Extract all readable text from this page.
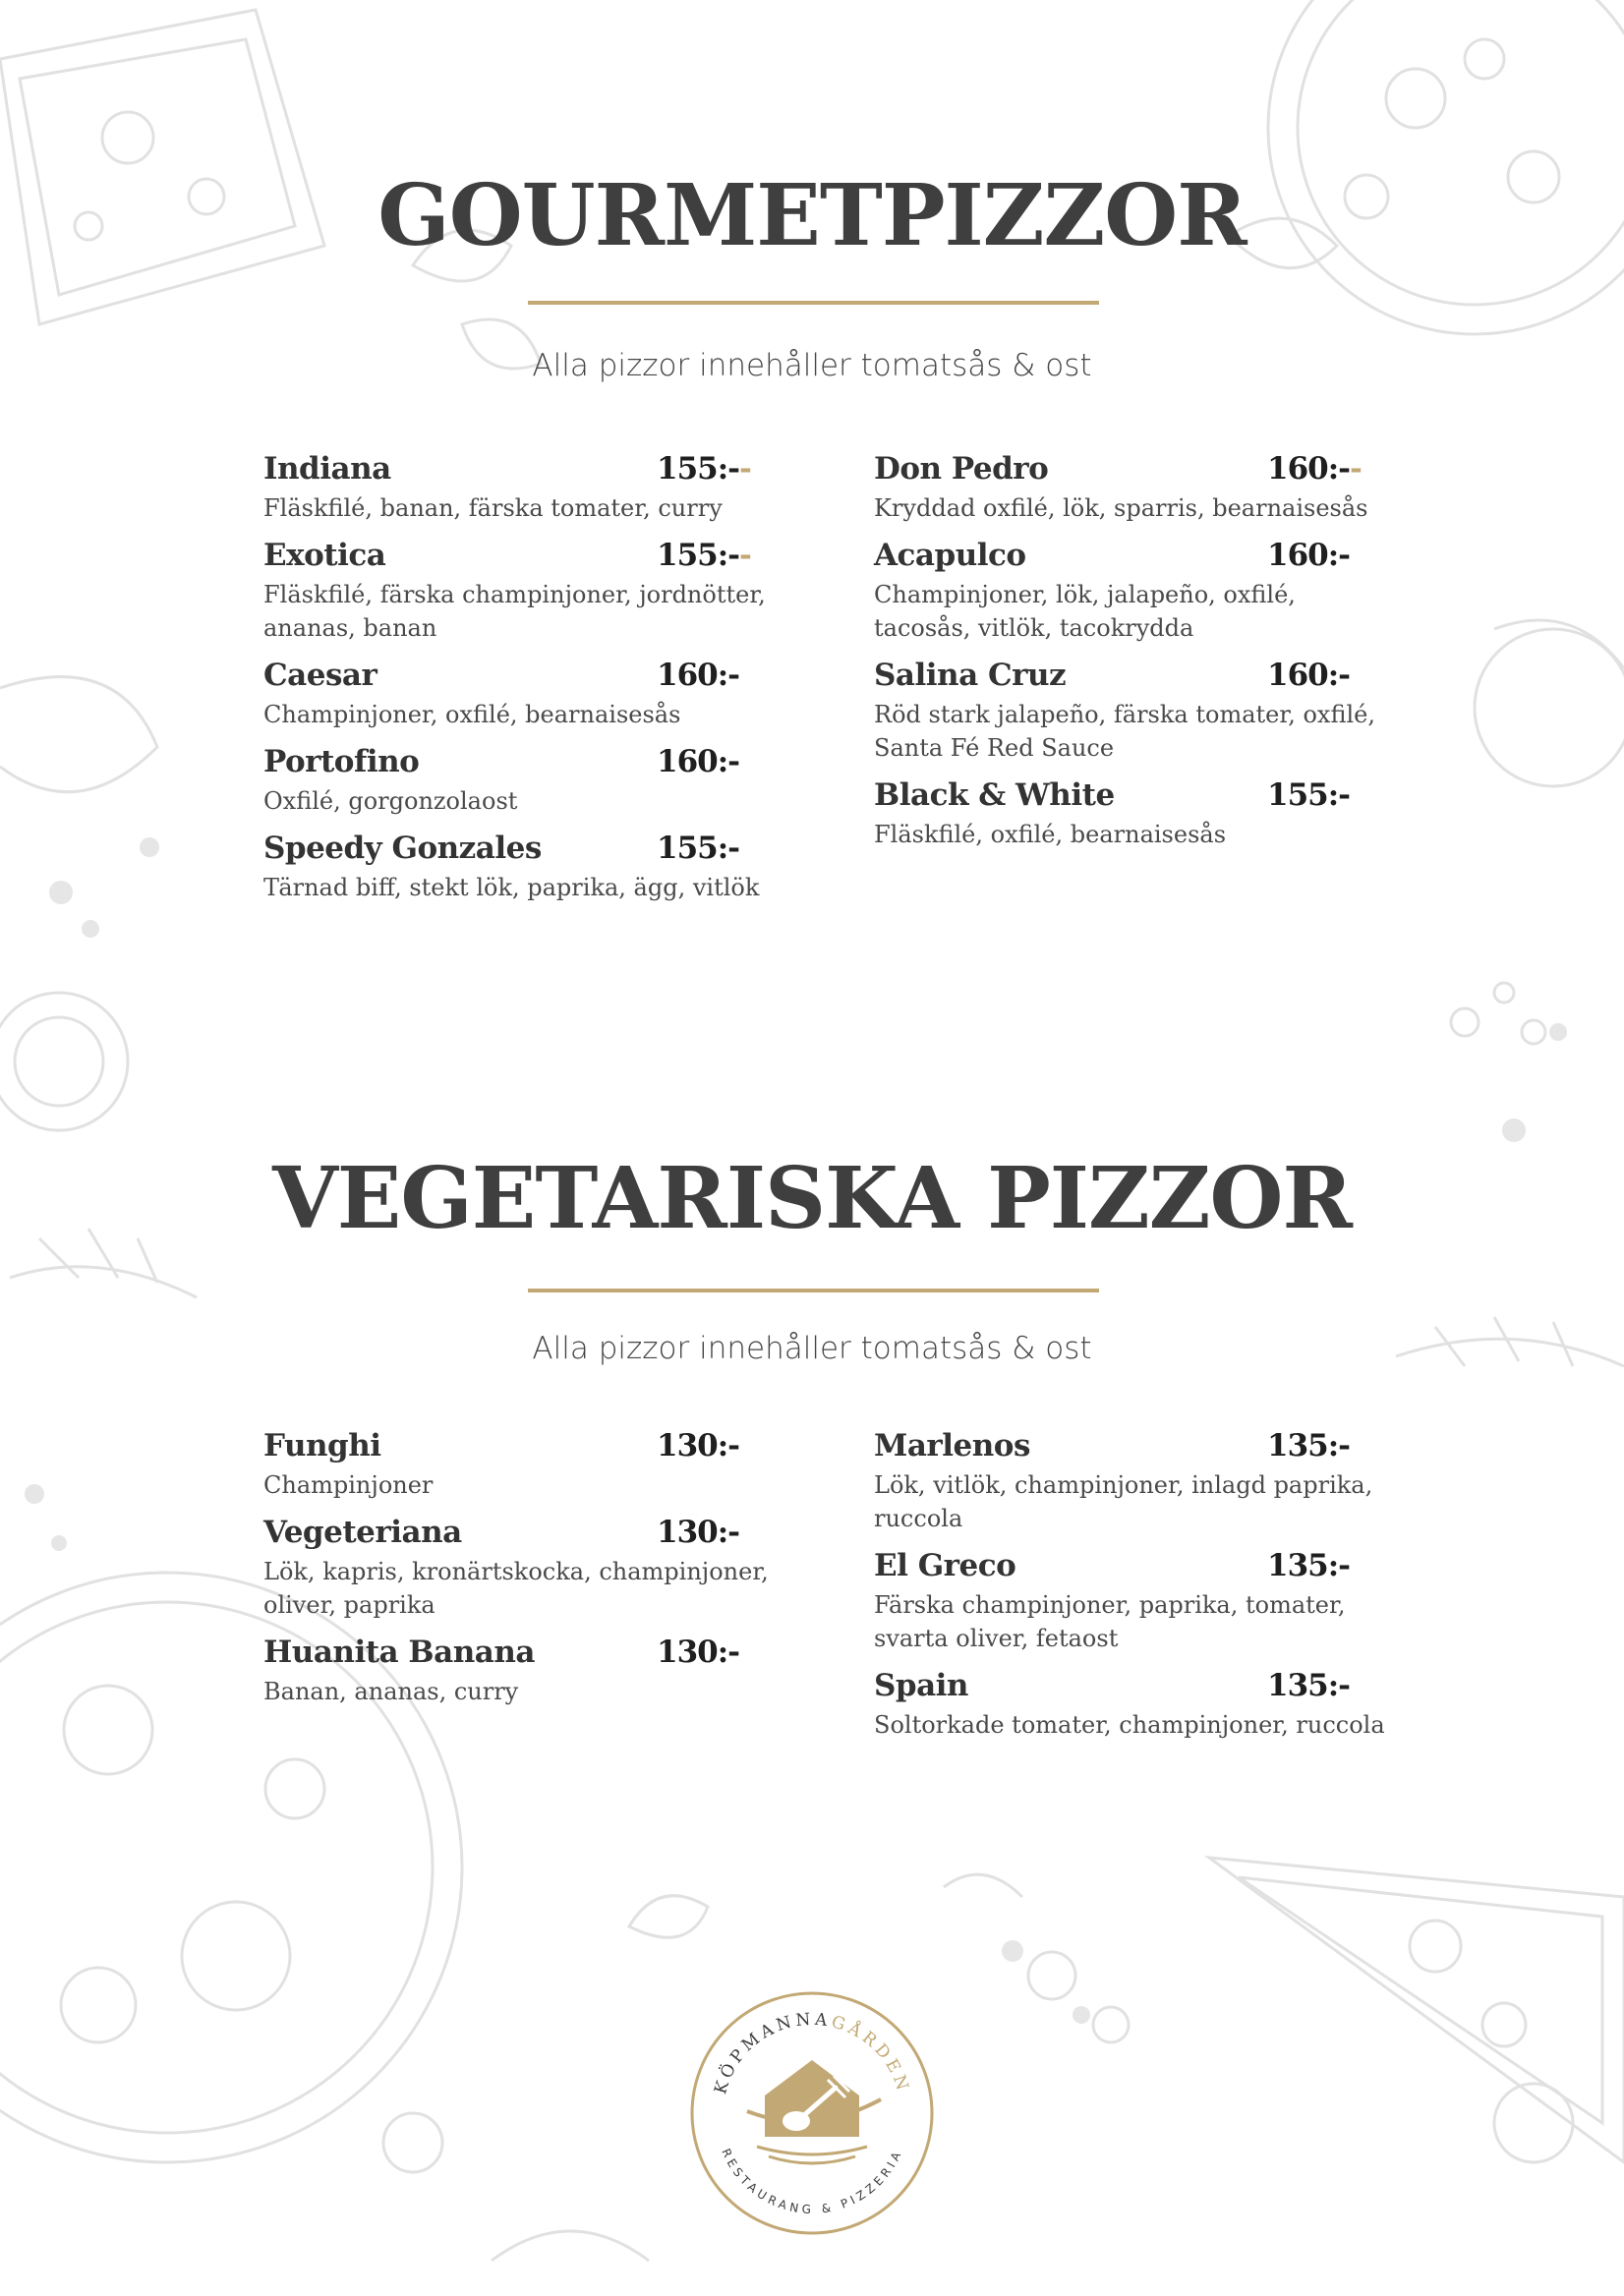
GOURMETPIZZOR
Alla pizzor innehåller tomatsås & ost
Indiana	155:--
Fläskfilé, banan, färska tomater, curry
Exotica	155:--
Fläskfilé, färska champinjoner, jordnötter, ananas, banan
Caesar	160:-
Champinjoner, oxfilé, bearnaisesås
Portofino	160:-
Oxfilé, gorgonzolaost
Speedy Gonzales	155:-
Tärnad biff, stekt lök, paprika, ägg, vitlök
Don Pedro	160:--
Kryddad oxfilé, lök, sparris, bearnaisesås
Acapulco	160:-
Champinjoner, lök, jalapeño, oxfilé, tacosås, vitlök, tacokrydda
Salina Cruz	160:-
Röd stark jalapeño, färska tomater, oxfilé, Santa Fé Red Sauce
Black & White	155:-
Fläskfilé, oxfilé, bearnaisesås
VEGETARISKA PIZZOR
Alla pizzor innehåller tomatsås & ost
Funghi	130:-
Champinjoner
Vegeteriana	130:-
Lök, kapris, kronärtskocka, champinjoner, oliver, paprika
Huanita Banana	130:-
Banan, ananas, curry
Marlenos	135:-
Lök, vitlök, champinjoner, inlagd paprika, ruccola
El Greco	135:-
Färska champinjoner, paprika, tomater, svarta oliver, fetaost
Spain	135:-
Soltorkade tomater, champinjoner, ruccola
KÖPMANNAGÅRDEN
RESTAURANG & PIZZERIA
